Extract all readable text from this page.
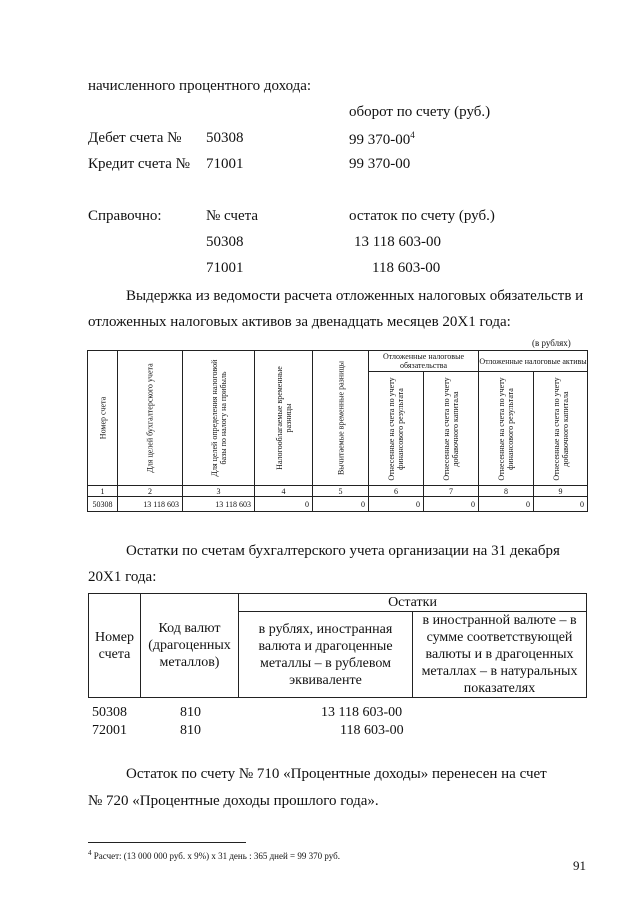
начисленного процентного дохода:
оборот по счету (руб.)
Дебет счета № 50308	99 $370-00^4$
Кредит счета № 71001	99 370-00
Справочно:	№ счета	остаток по счету (руб.)
50308	13 118 603-00
71001	118 603-00
Выдержка из ведомости расчета отложенных налоговых обязательств и
отложенных налоговых активов за двенадцать месяцев 20Х1 года:
(в рублях)
Номер счета	Для целей бухгалтерского учета	Для целей определения налоговой базы по налогу на прибыль	Налогооблагаемые временные разницы	Вычитаемые временные разницы	Отложенные налоговые обязательства		Отложенные налоговые активы	

					Отнесенные на счета по учету финансового результата	Отнесенные на счета по учету добавочного капитала	Отнесенные на счета по учету финансового результата	Отнесенные на счета по учету добавочного капитала

1	2	3	4	5	6	7	8	9
50308	13 118 603	13 118 603	0	0	0	0	0	0
Остатки по счетам бухгалтерского учета организации на 31 декабря
20Х1 года:
Номер счета	Код валют (драгоценных металлов)	Остатки	
		в рублях, иностранная валюта и драгоценные металлы – в рублевом эквиваленте	в иностранной валюте – в сумме соответствующей валюты и в драгоценных металлах – в натуральных показателях
50308	810	13 118 603-00
72001	810	118 603-00
Остаток по счету № 710 «Процентные доходы» перенесен на счет
№ 720 «Процентные доходы прошлого года».
$^4$ Расчет: (13 000 000 руб. х 9%) х 31 день : 365 дней = 99 370 руб.
91
